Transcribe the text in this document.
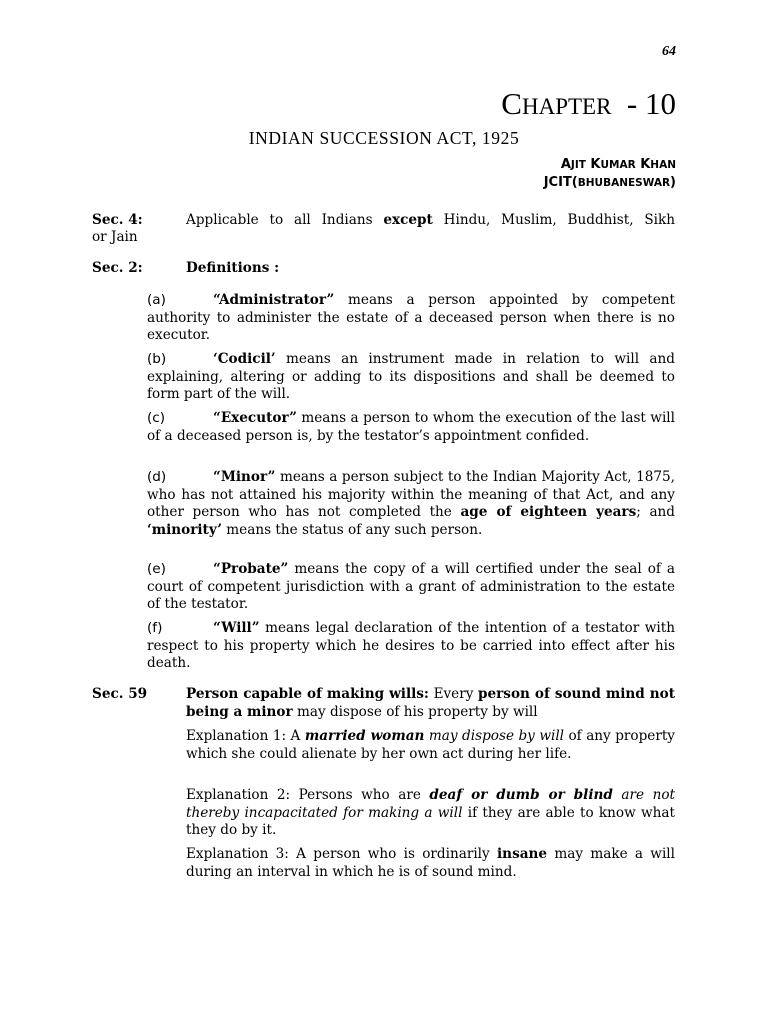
64
CHAPTER - 10
INDIAN SUCCESSION ACT, 1925
AJIT KUMAR KHAN
JCIT(BHUBANESWAR)
Sec. 4:	Applicable to all Indians except Hindu, Muslim, Buddhist, Sikh
or Jain
Sec. 2:	Definitions :
(a)	“Administrator” means a person appointed by competent authority to administer the estate of a deceased person when there is no executor.
(b)	‘Codicil’ means an instrument made in relation to will and explaining, altering or adding to its dispositions and shall be deemed to form part of the will.
(c)	“Executor” means a person to whom the execution of the last will of a deceased person is, by the testator’s appointment confided.
(d)	“Minor” means a person subject to the Indian Majority Act, 1875, who has not attained his majority within the meaning of that Act, and any other person who has not completed the age of eighteen years; and ‘minority’ means the status of any such person.
(e)	“Probate” means the copy of a will certified under the seal of a court of competent jurisdiction with a grant of administration to the estate of the testator.
(f)	“Will” means legal declaration of the intention of a testator with respect to his property which he desires to be carried into effect after his death.
Sec. 59	Person capable of making wills: Every person of sound mind not being a minor may dispose of his property by will
Explanation 1: A married woman may dispose by will of any property which she could alienate by her own act during her life.
Explanation 2: Persons who are deaf or dumb or blind are not thereby incapacitated for making a will if they are able to know what they do by it.
Explanation 3: A person who is ordinarily insane may make a will during an interval in which he is of sound mind.
